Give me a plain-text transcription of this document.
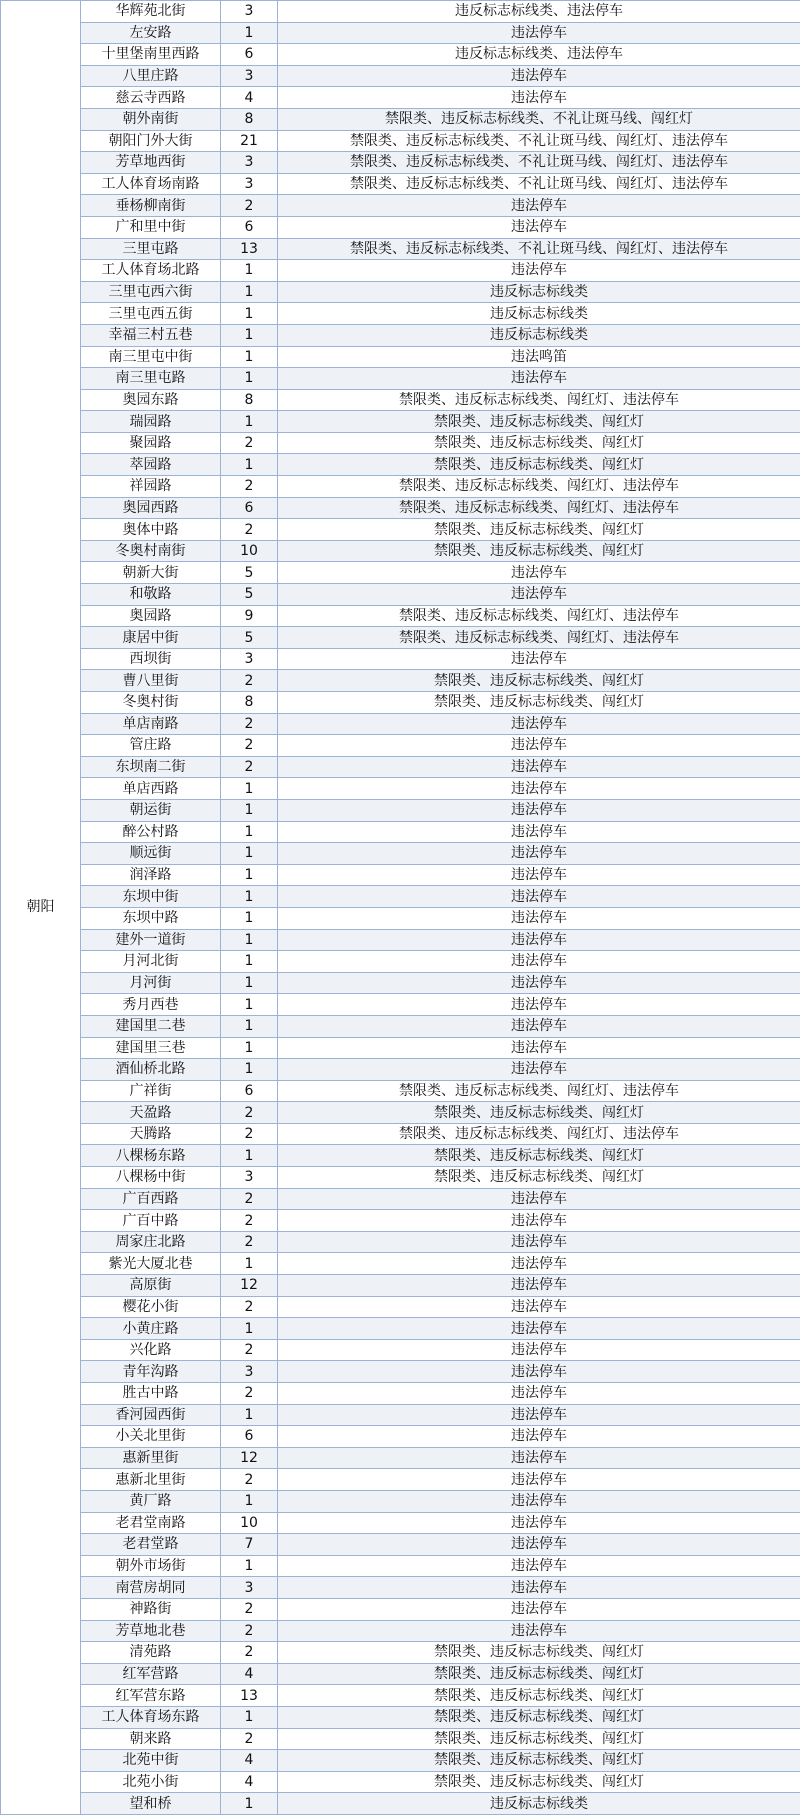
朝阳	华辉苑北街	3	违反标志标线类、违法停车
	左安路	1	违法停车
	十里堡南里西路	6	违反标志标线类、违法停车
	八里庄路	3	违法停车
	慈云寺西路	4	违法停车
	朝外南街	8	禁限类、违反标志标线类、不礼让斑马线、闯红灯
	朝阳门外大街	21	禁限类、违反标志标线类、不礼让斑马线、闯红灯、违法停车
	芳草地西街	3	禁限类、违反标志标线类、不礼让斑马线、闯红灯、违法停车
	工人体育场南路	3	禁限类、违反标志标线类、不礼让斑马线、闯红灯、违法停车
	垂杨柳南街	2	违法停车
	广和里中街	6	违法停车
	三里屯路	13	禁限类、违反标志标线类、不礼让斑马线、闯红灯、违法停车
	工人体育场北路	1	违法停车
	三里屯西六街	1	违反标志标线类
	三里屯西五街	1	违反标志标线类
	幸福三村五巷	1	违反标志标线类
	南三里屯中街	1	违法鸣笛
	南三里屯路	1	违法停车
	奥园东路	8	禁限类、违反标志标线类、闯红灯、违法停车
	瑞园路	1	禁限类、违反标志标线类、闯红灯
	聚园路	2	禁限类、违反标志标线类、闯红灯
	萃园路	1	禁限类、违反标志标线类、闯红灯
	祥园路	2	禁限类、违反标志标线类、闯红灯、违法停车
	奥园西路	6	禁限类、违反标志标线类、闯红灯、违法停车
	奥体中路	2	禁限类、违反标志标线类、闯红灯
	冬奥村南街	10	禁限类、违反标志标线类、闯红灯
	朝新大街	5	违法停车
	和敬路	5	违法停车
	奥园路	9	禁限类、违反标志标线类、闯红灯、违法停车
	康居中街	5	禁限类、违反标志标线类、闯红灯、违法停车
	西坝街	3	违法停车
	曹八里街	2	禁限类、违反标志标线类、闯红灯
	冬奥村街	8	禁限类、违反标志标线类、闯红灯
	单店南路	2	违法停车
	管庄路	2	违法停车
	东坝南二街	2	违法停车
	单店西路	1	违法停车
	朝运街	1	违法停车
	醉公村路	1	违法停车
	顺远街	1	违法停车
	润泽路	1	违法停车
	东坝中街	1	违法停车
	东坝中路	1	违法停车
	建外一道街	1	违法停车
	月河北街	1	违法停车
	月河街	1	违法停车
	秀月西巷	1	违法停车
	建国里二巷	1	违法停车
	建国里三巷	1	违法停车
	酒仙桥北路	1	违法停车
	广祥街	6	禁限类、违反标志标线类、闯红灯、违法停车
	天盈路	2	禁限类、违反标志标线类、闯红灯
	天腾路	2	禁限类、违反标志标线类、闯红灯、违法停车
	八棵杨东路	1	禁限类、违反标志标线类、闯红灯
	八棵杨中街	3	禁限类、违反标志标线类、闯红灯
	广百西路	2	违法停车
	广百中路	2	违法停车
	周家庄北路	2	违法停车
	紫光大厦北巷	1	违法停车
	高原街	12	违法停车
	樱花小街	2	违法停车
	小黄庄路	1	违法停车
	兴化路	2	违法停车
	青年沟路	3	违法停车
	胜古中路	2	违法停车
	香河园西街	1	违法停车
	小关北里街	6	违法停车
	惠新里街	12	违法停车
	惠新北里街	2	违法停车
	黄厂路	1	违法停车
	老君堂南路	10	违法停车
	老君堂路	7	违法停车
	朝外市场街	1	违法停车
	南营房胡同	3	违法停车
	神路街	2	违法停车
	芳草地北巷	2	违法停车
	清苑路	2	禁限类、违反标志标线类、闯红灯
	红军营路	4	禁限类、违反标志标线类、闯红灯
	红军营东路	13	禁限类、违反标志标线类、闯红灯
	工人体育场东路	1	禁限类、违反标志标线类、闯红灯
	朝来路	2	禁限类、违反标志标线类、闯红灯
	北苑中街	4	禁限类、违反标志标线类、闯红灯
	北苑小街	4	禁限类、违反标志标线类、闯红灯
	望和桥	1	违反标志标线类
